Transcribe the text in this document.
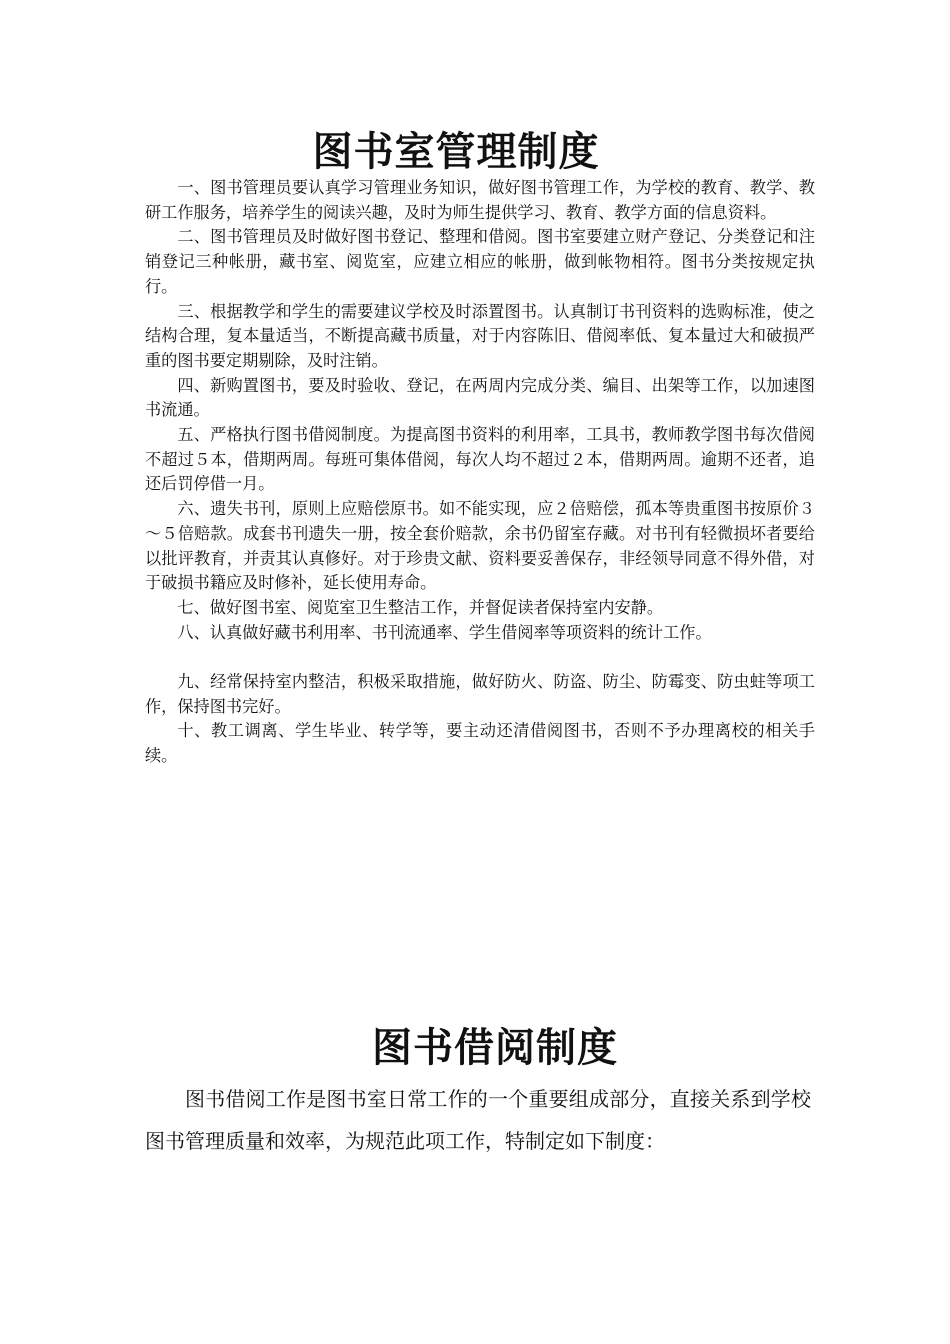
图书室管理制度

一、图书管理员要认真学习管理业务知识，做好图书管理工作，为学校的教育、教学、教研工作服务，培养学生的阅读兴趣，及时为师生提供学习、教育、教学方面的信息资料。

二、图书管理员及时做好图书登记、整理和借阅。图书室要建立财产登记、分类登记和注销登记三种帐册，藏书室、阅览室，应建立相应的帐册，做到帐物相符。图书分类按规定执行。

三、根据教学和学生的需要建议学校及时添置图书。认真制订书刊资料的选购标准，使之结构合理，复本量适当，不断提高藏书质量，对于内容陈旧、借阅率低、复本量过大和破损严重的图书要定期剔除，及时注销。

四、新购置图书，要及时验收、登记，在两周内完成分类、编目、出架等工作，以加速图书流通。

五、严格执行图书借阅制度。为提高图书资料的利用率，工具书，教师教学图书每次借阅不超过５本，借期两周。每班可集体借阅，每次人均不超过２本，借期两周。逾期不还者，追还后罚停借一月。

六、遗失书刊，原则上应赔偿原书。如不能实现，应２倍赔偿，孤本等贵重图书按原价３～５倍赔款。成套书刊遗失一册，按全套价赔款，余书仍留室存藏。对书刊有轻微损坏者要给以批评教育，并责其认真修好。对于珍贵文献、资料要妥善保存，非经领导同意不得外借，对于破损书籍应及时修补，延长使用寿命。

七、做好图书室、阅览室卫生整洁工作，并督促读者保持室内安静。

八、认真做好藏书利用率、书刊流通率、学生借阅率等项资料的统计工作。

九、经常保持室内整洁，积极采取措施，做好防火、防盗、防尘、防霉变、防虫蛀等项工作，保持图书完好。

十、教工调离、学生毕业、转学等，要主动还清借阅图书，否则不予办理离校的相关手续。

图书借阅制度

图书借阅工作是图书室日常工作的一个重要组成部分，直接关系到学校图书管理质量和效率，为规范此项工作，特制定如下制度：
